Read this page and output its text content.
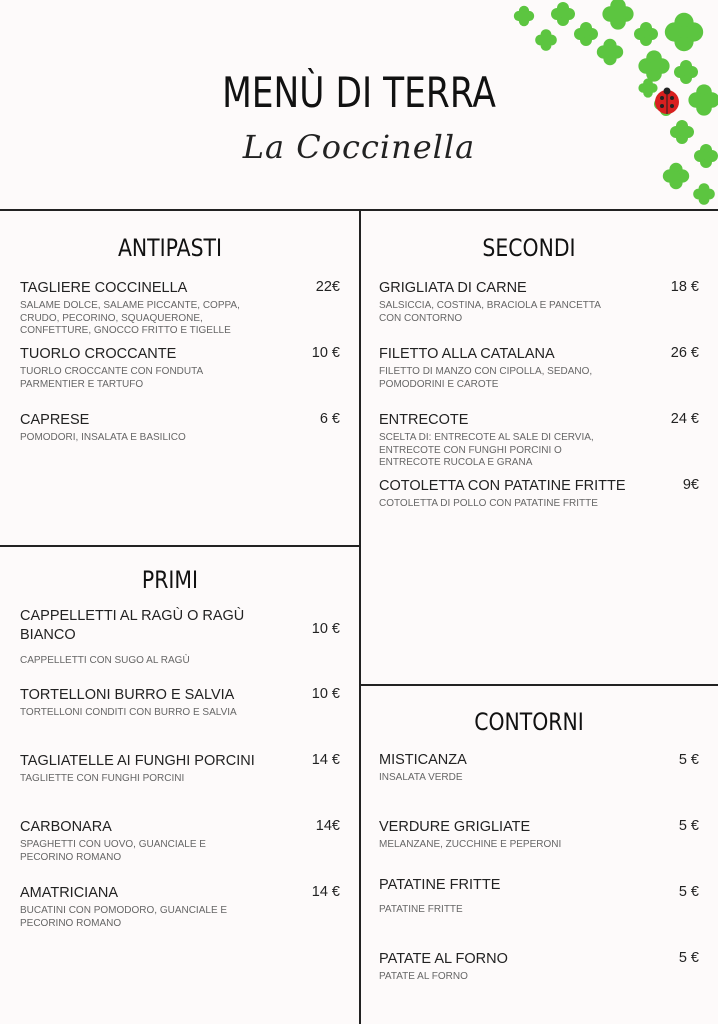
MENÙ DI TERRA
La Coccinella
ANTIPASTI
TAGLIERE COCCINELLA
SALAME DOLCE, SALAME PICCANTE, COPPA,
CRUDO, PECORINO, SQUAQUERONE,
CONFETTURE, GNOCCO FRITTO E TIGELLE
22€
TUORLO CROCCANTE
TUORLO CROCCANTE CON FONDUTA
PARMENTIER E TARTUFO
10 €
CAPRESE
POMODORI, INSALATA E BASILICO
6 €
SECONDI
GRIGLIATA DI CARNE
SALSICCIA, COSTINA, BRACIOLA E PANCETTA
CON CONTORNO
18 €
FILETTO ALLA CATALANA
FILETTO DI MANZO CON CIPOLLA, SEDANO,
POMODORINI E CAROTE
26 €
ENTRECOTE
SCELTA DI: ENTRECOTE AL SALE DI CERVIA,
ENTRECOTE CON FUNGHI PORCINI O
ENTRECOTE RUCOLA E GRANA
24 €
COTOLETTA CON PATATINE FRITTE
COTOLETTA DI POLLO CON PATATINE FRITTE
9€
PRIMI
CAPPELLETTI AL RAGÙ O RAGÙ
BIANCO
CAPPELLETTI CON SUGO AL RAGÙ
10 €
TORTELLONI BURRO E SALVIA
TORTELLONI CONDITI CON BURRO E SALVIA
10 €
TAGLIATELLE AI FUNGHI PORCINI
TAGLIETTE CON FUNGHI PORCINI
14 €
CARBONARA
SPAGHETTI CON UOVO, GUANCIALE E
PECORINO ROMANO
14€
AMATRICIANA
BUCATINI CON POMODORO, GUANCIALE E
PECORINO ROMANO
14 €
CONTORNI
MISTICANZA
INSALATA VERDE
5 €
VERDURE GRIGLIATE
MELANZANE, ZUCCHINE E PEPERONI
5 €
PATATINE FRITTE
PATATINE FRITTE
5 €
PATATE AL FORNO
PATATE AL FORNO
5 €
